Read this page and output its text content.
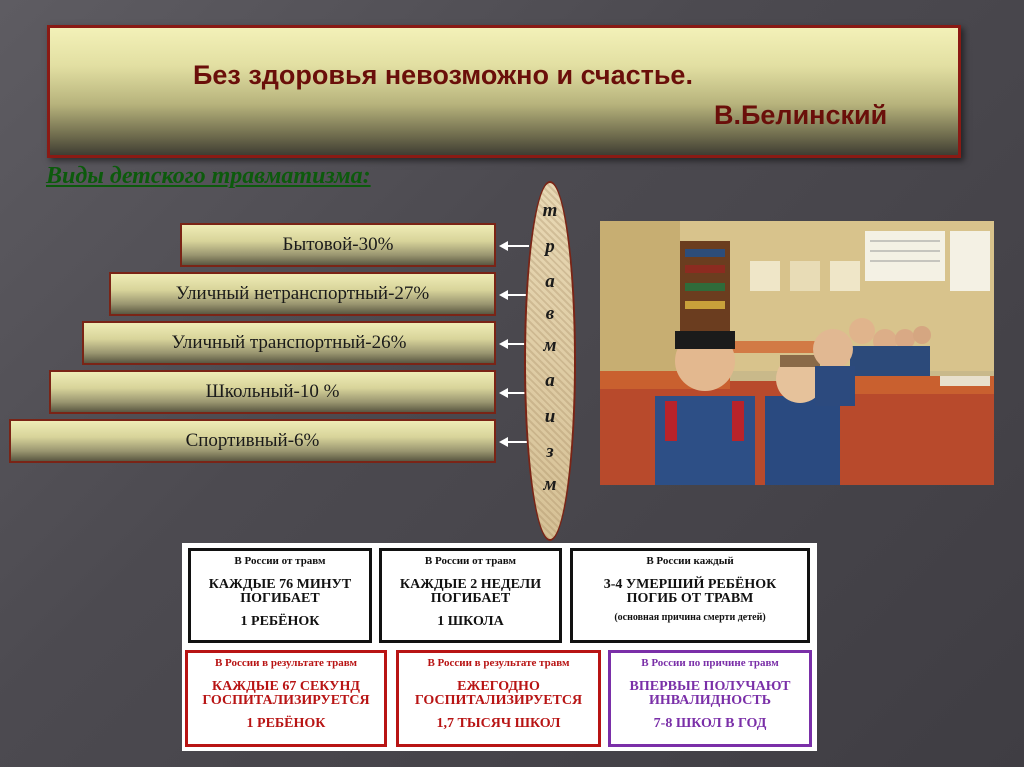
Без здоровья невозможно и счастье.
В.Белинский
Виды детского травматизма:
Бытовой-30%
Уличный нетранспортный-27%
Уличный транспортный-26%
Школьный-10 %
Спортивный-6%
т
р
а
в
м
а
и
з
м
В России от травм
КАЖДЫЕ 76 МИНУТ
ПОГИБАЕТ
1 РЕБЁНОК
В России от травм
КАЖДЫЕ 2 НЕДЕЛИ
ПОГИБАЕТ
1 ШКОЛА
В России каждый
3-4 УМЕРШИЙ РЕБЁНОК
ПОГИБ ОТ ТРАВМ
(основная причина смерти детей)
В России в результате травм
КАЖДЫЕ 67 СЕКУНД
ГОСПИТАЛИЗИРУЕТСЯ
1 РЕБЁНОК
В России в результате травм
ЕЖЕГОДНО
ГОСПИТАЛИЗИРУЕТСЯ
1,7 ТЫСЯЧ ШКОЛ
В России по причине травм
ВПЕРВЫЕ ПОЛУЧАЮТ
ИНВАЛИДНОСТЬ
7-8 ШКОЛ В ГОД
